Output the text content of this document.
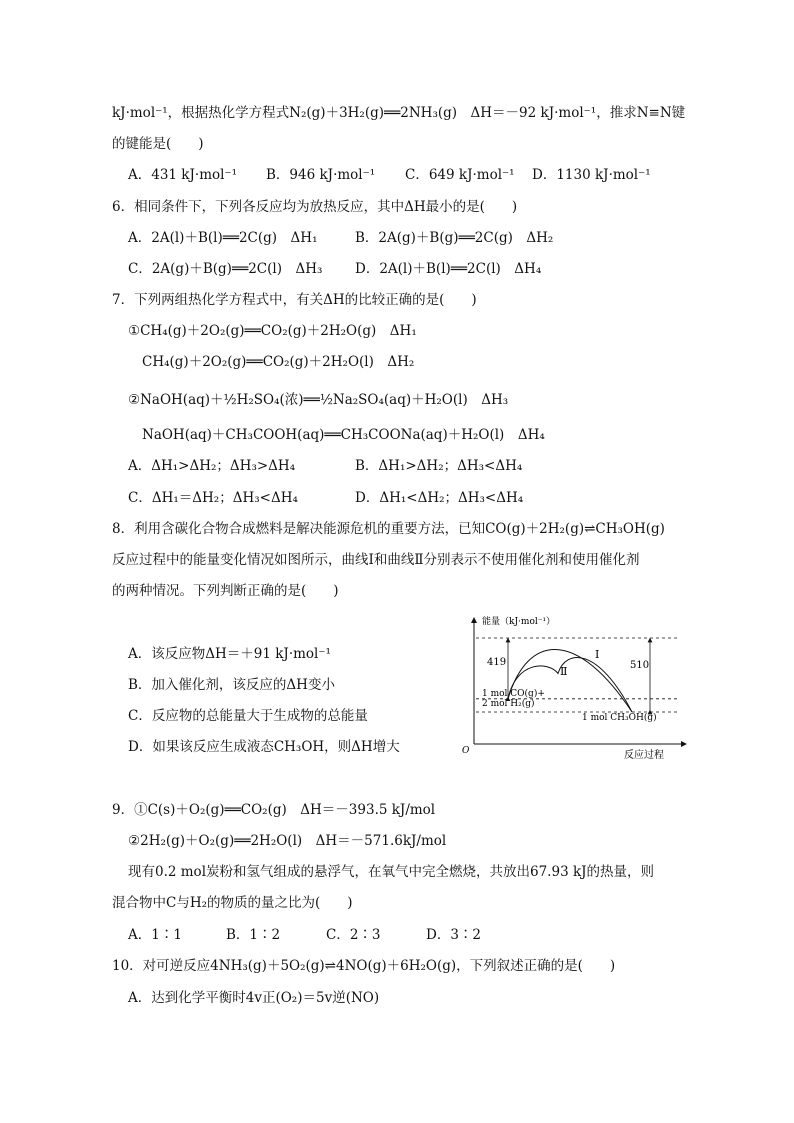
kJ·mol⁻¹，根据热化学方程式N₂(g)＋3H₂(g)══2NH₃(g)　ΔH＝－92 kJ·mol⁻¹，推求N≡N键
的键能是(　　)
A．431 kJ·mol⁻¹ B．946 kJ·mol⁻¹ C．649 kJ·mol⁻¹ D．1130 kJ·mol⁻¹
6．相同条件下，下列各反应均为放热反应，其中ΔH最小的是(　　)
A．2A(l)＋B(l)══2C(g)　ΔH₁	B．2A(g)＋B(g)══2C(g)　ΔH₂
C．2A(g)＋B(g)══2C(l)　ΔH₃ D．2A(l)＋B(l)══2C(l)　ΔH₄
7．下列两组热化学方程式中，有关ΔH的比较正确的是(　　)
①CH₄(g)＋2O₂(g)══CO₂(g)＋2H₂O(g)　ΔH₁
CH₄(g)＋2O₂(g)══CO₂(g)＋2H₂O(l)　ΔH₂
②NaOH(aq)＋½H₂SO₄(浓)══½Na₂SO₄(aq)＋H₂O(l)　ΔH₃
NaOH(aq)＋CH₃COOH(aq)══CH₃COONa(aq)＋H₂O(l)　ΔH₄
A．ΔH₁>ΔH₂；ΔH₃>ΔH₄	B．ΔH₁>ΔH₂；ΔH₃<ΔH₄
C．ΔH₁＝ΔH₂；ΔH₃<ΔH₄	D．ΔH₁<ΔH₂；ΔH₃<ΔH₄
8．利用含碳化合物合成燃料是解决能源危机的重要方法，已知CO(g)＋2H₂(g)⇌CH₃OH(g)
反应过程中的能量变化情况如图所示，曲线Ⅰ和曲线Ⅱ分别表示不使用催化剂和使用催化剂
的两种情况。下列判断正确的是(　　)
A．该反应物ΔH＝＋91 kJ·mol⁻¹
B．加入催化剂，该反应的ΔH变小
C．反应物的总能量大于生成物的总能量
D．如果该反应生成液态CH₃OH，则ΔH增大
能量（kJ·mol⁻¹）
O	反应过程
419	510
Ⅰ
Ⅱ
1 mol CO(g)+
2 mol H₂(g)
1 mol CH₃OH(g)
9．①C(s)＋O₂(g)══CO₂(g)　ΔH＝－393.5 kJ/mol
②2H₂(g)＋O₂(g)══2H₂O(l)　ΔH＝－571.6kJ/mol
现有0.2 mol炭粉和氢气组成的悬浮气，在氧气中完全燃烧，共放出67.93 kJ的热量，则
混合物中C与H₂的物质的量之比为(　　)
A．1∶1	B．1∶2	C．2∶3	D．3∶2
10．对可逆反应4NH₃(g)＋5O₂(g)⇌4NO(g)＋6H₂O(g)，下列叙述正确的是(　　)
A．达到化学平衡时4v正(O₂)＝5v逆(NO)
